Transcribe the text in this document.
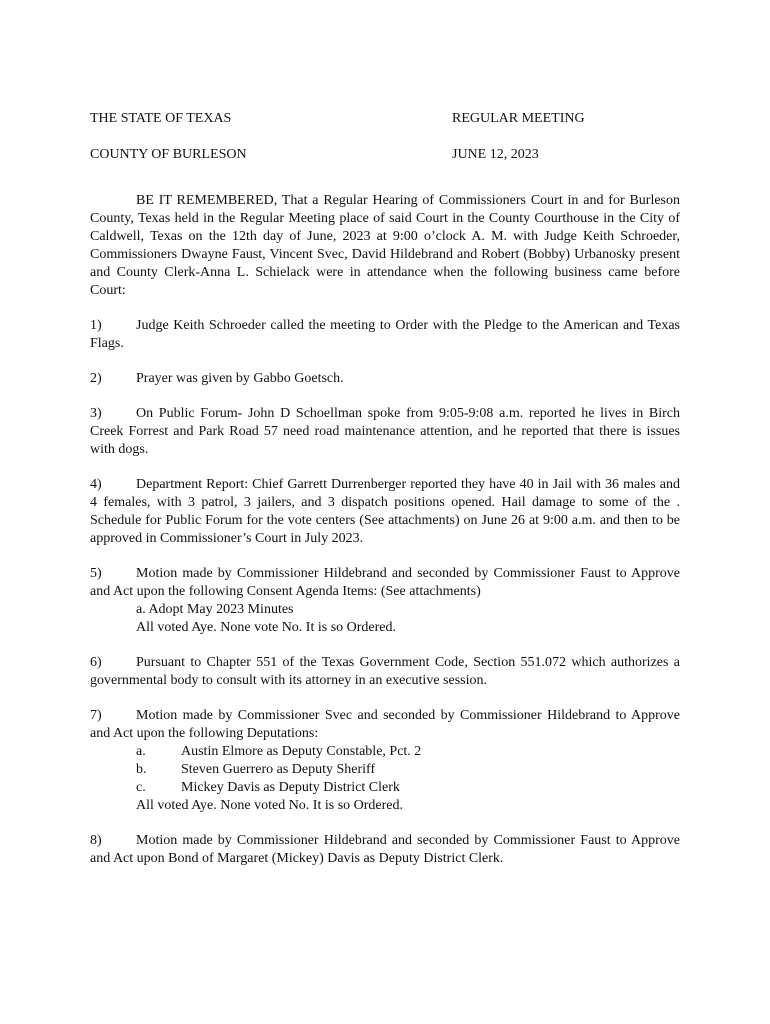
THE STATE OF TEXAS	REGULAR MEETING
COUNTY OF BURLESON	JUNE 12, 2023

BE IT REMEMBERED, That a Regular Hearing of Commissioners Court in and for Burleson County, Texas held in the Regular Meeting place of said Court in the County Courthouse in the City of Caldwell, Texas on the 12th day of June, 2023 at 9:00 o’clock A. M. with Judge Keith Schroeder, Commissioners Dwayne Faust, Vincent Svec, David Hildebrand and Robert (Bobby) Urbanosky present and County Clerk-Anna L. Schielack were in attendance when the following business came before Court:

1) Judge Keith Schroeder called the meeting to Order with the Pledge to the American and Texas Flags.

2) Prayer was given by Gabbo Goetsch.

3) On Public Forum- John D Schoellman spoke from 9:05-9:08 a.m. reported he lives in Birch Creek Forrest and Park Road 57 need road maintenance attention, and he reported that there is issues with dogs.

4) Department Report: Chief Garrett Durrenberger reported they have 40 in Jail with 36 males and 4 females, with 3 patrol, 3 jailers, and 3 dispatch positions opened. Hail damage to some of the . Schedule for Public Forum for the vote centers (See attachments) on June 26 at 9:00 a.m. and then to be approved in Commissioner’s Court in July 2023.

5) Motion made by Commissioner Hildebrand and seconded by Commissioner Faust to Approve and Act upon the following Consent Agenda Items: (See attachments)

a. Adopt May 2023 Minutes

All voted Aye. None vote No. It is so Ordered.

6) Pursuant to Chapter 551 of the Texas Government Code, Section 551.072 which authorizes a governmental body to consult with its attorney in an executive session.

7) Motion made by Commissioner Svec and seconded by Commissioner Hildebrand to Approve and Act upon the following Deputations:

a.	Austin Elmore as Deputy Constable, Pct. 2
b. Steven Guerrero as Deputy Sheriff
c.	Mickey Davis as Deputy District Clerk

All voted Aye. None voted No. It is so Ordered.

8) Motion made by Commissioner Hildebrand and seconded by Commissioner Faust to Approve and Act upon Bond of Margaret (Mickey) Davis as Deputy District Clerk.
